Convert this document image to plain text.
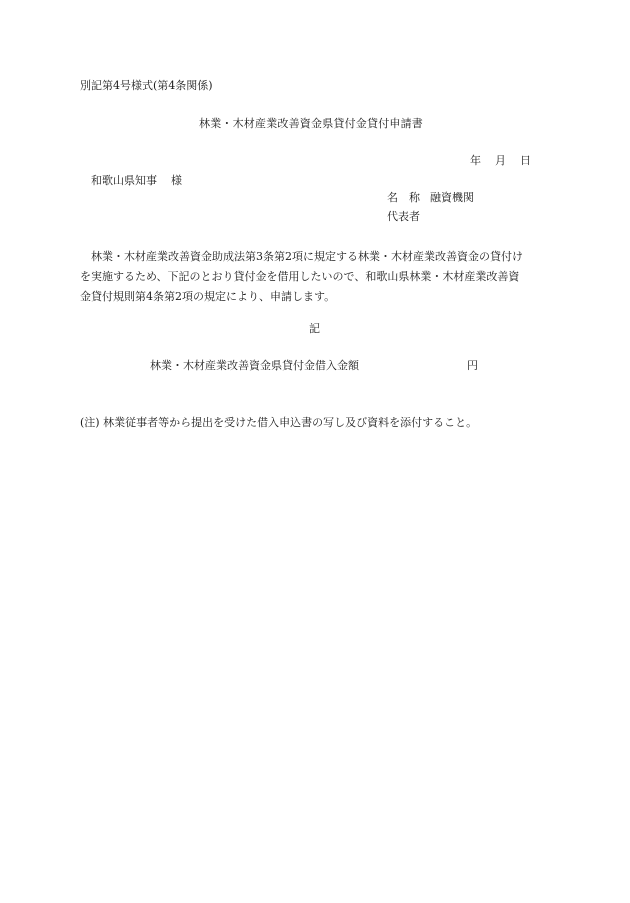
別記第4号様式(第4条関係)
林業・木材産業改善資金県貸付金貸付申請書
年 月 日
和歌山県知事 様
名　称 融資機関
代表者
　林業・木材産業改善資金助成法第3条第2項に規定する林業・木材産業改善資金の貸付け
を実施するため、下記のとおり貸付金を借用したいので、和歌山県林業・木材産業改善資
金貸付規則第4条第2項の規定により、申請します。
記
林業・木材産業改善資金県貸付金借入金額	円
(注) 林業従事者等から提出を受けた借入申込書の写し及び資料を添付すること。
